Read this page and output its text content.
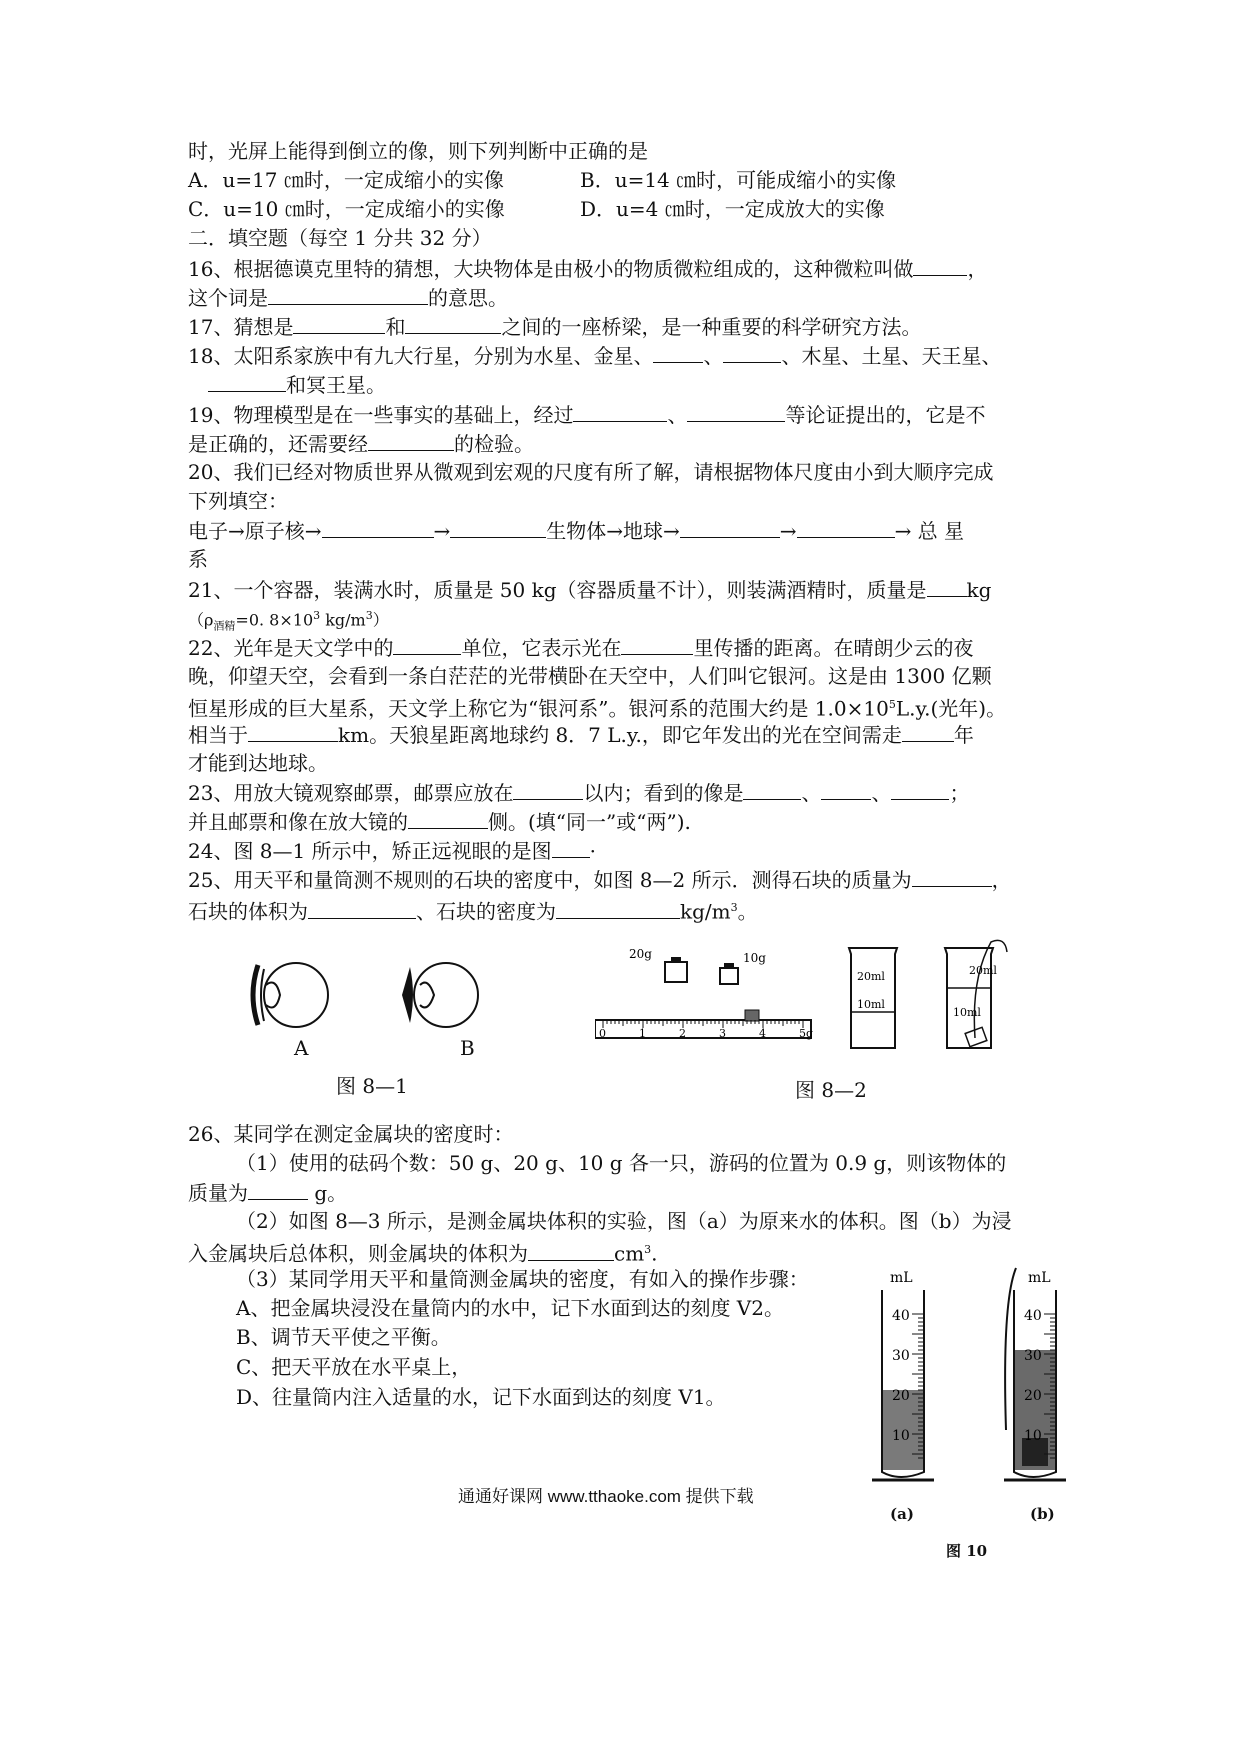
时，光屏上能得到倒立的像，则下列判断中正确的是
A．u=17 ㎝时，一定成缩小的实像	B．u=14 ㎝时，可能成缩小的实像
C．u=10 ㎝时，一定成缩小的实像	D．u=4 ㎝时，一定成放大的实像
二．填空题（每空 1 分共 32 分）
16、根据德谟克里特的猜想，大块物体是由极小的物质微粒组成的，这种微粒叫做	，
这个词是	的意思。
17、猜想是	和	之间的一座桥梁，是一种重要的科学研究方法。
18、太阳系家族中有九大行星，分别为水星、金星、	、	、木星、土星、天王星、
和冥王星。
19、物理模型是在一些事实的基础上，经过	、	等论证提出的，它是不
是正确的，还需要经	的检验。
20、我们已经对物质世界从微观到宏观的尺度有所了解，请根据物体尺度由小到大顺序完成
下列填空：
电子→原子核→	→	生物体→地球→	→	→ 总 星
系
21、一个容器，装满水时，质量是 50 kg（容器质量不计），则装满酒精时，质量是 kg
（$\rho_{酒精}=0$. $8\times 10^3$ $kg/m^3$）
22、光年是天文学中的	单位，它表示光在	里传播的距离。在晴朗少云的夜
晚，仰望天空，会看到一条白茫茫的光带横卧在天空中，人们叫它银河。这是由 1300 亿颗
恒星形成的巨大星系，天文学上称它为“银河系”。银河系的范围大约是 $1.0\times 10^5L.y$.(光年)。
相当于	km。天狼星距离地球约 8．7 L.y.，即它年发出的光在空间需走	年
才能到达地球。
23、用放大镜观察邮票，邮票应放在	以内；看到的像是	、	、	；
并且邮票和像在放大镜的	侧。(填“同一”或“两”).
24、图 8—1 所示中，矫正远视眼的是图 ·
25、用天平和量筒测不规则的石块的密度中，如图 8—2 所示．测得石块的质量为	，
石块的体积为	、石块的密度为	$kg/m^3$。
A	B
图 8—1
20g	10g
0	1	2	3	4	5g
20ml
10ml
20ml
10ml
图 8—2
26、某同学在测定金属块的密度时：
（1）使用的砝码个数：50 g、20 g、10 g 各一只，游码的位置为 0.9 g，则该物体的
质量为	g。
（2）如图 8—3 所示，是测金属块体积的实验，图（a）为原来水的体积。图（b）为浸
入金属块后总体积，则金属块的体积为	$cm^3$.
（3）某同学用天平和量筒测金属块的密度，有如入的操作步骤：
A、把金属块浸没在量筒内的水中，记下水面到达的刻度 V2。
B、调节天平使之平衡。
C、把天平放在水平桌上，
D、往量筒内注入适量的水，记下水面到达的刻度 V1。
mL
40
30
20
10
mL
40
30
20
10
(a)	(b)
图 10
通通好课网 www.tthaoke.com 提供下载
